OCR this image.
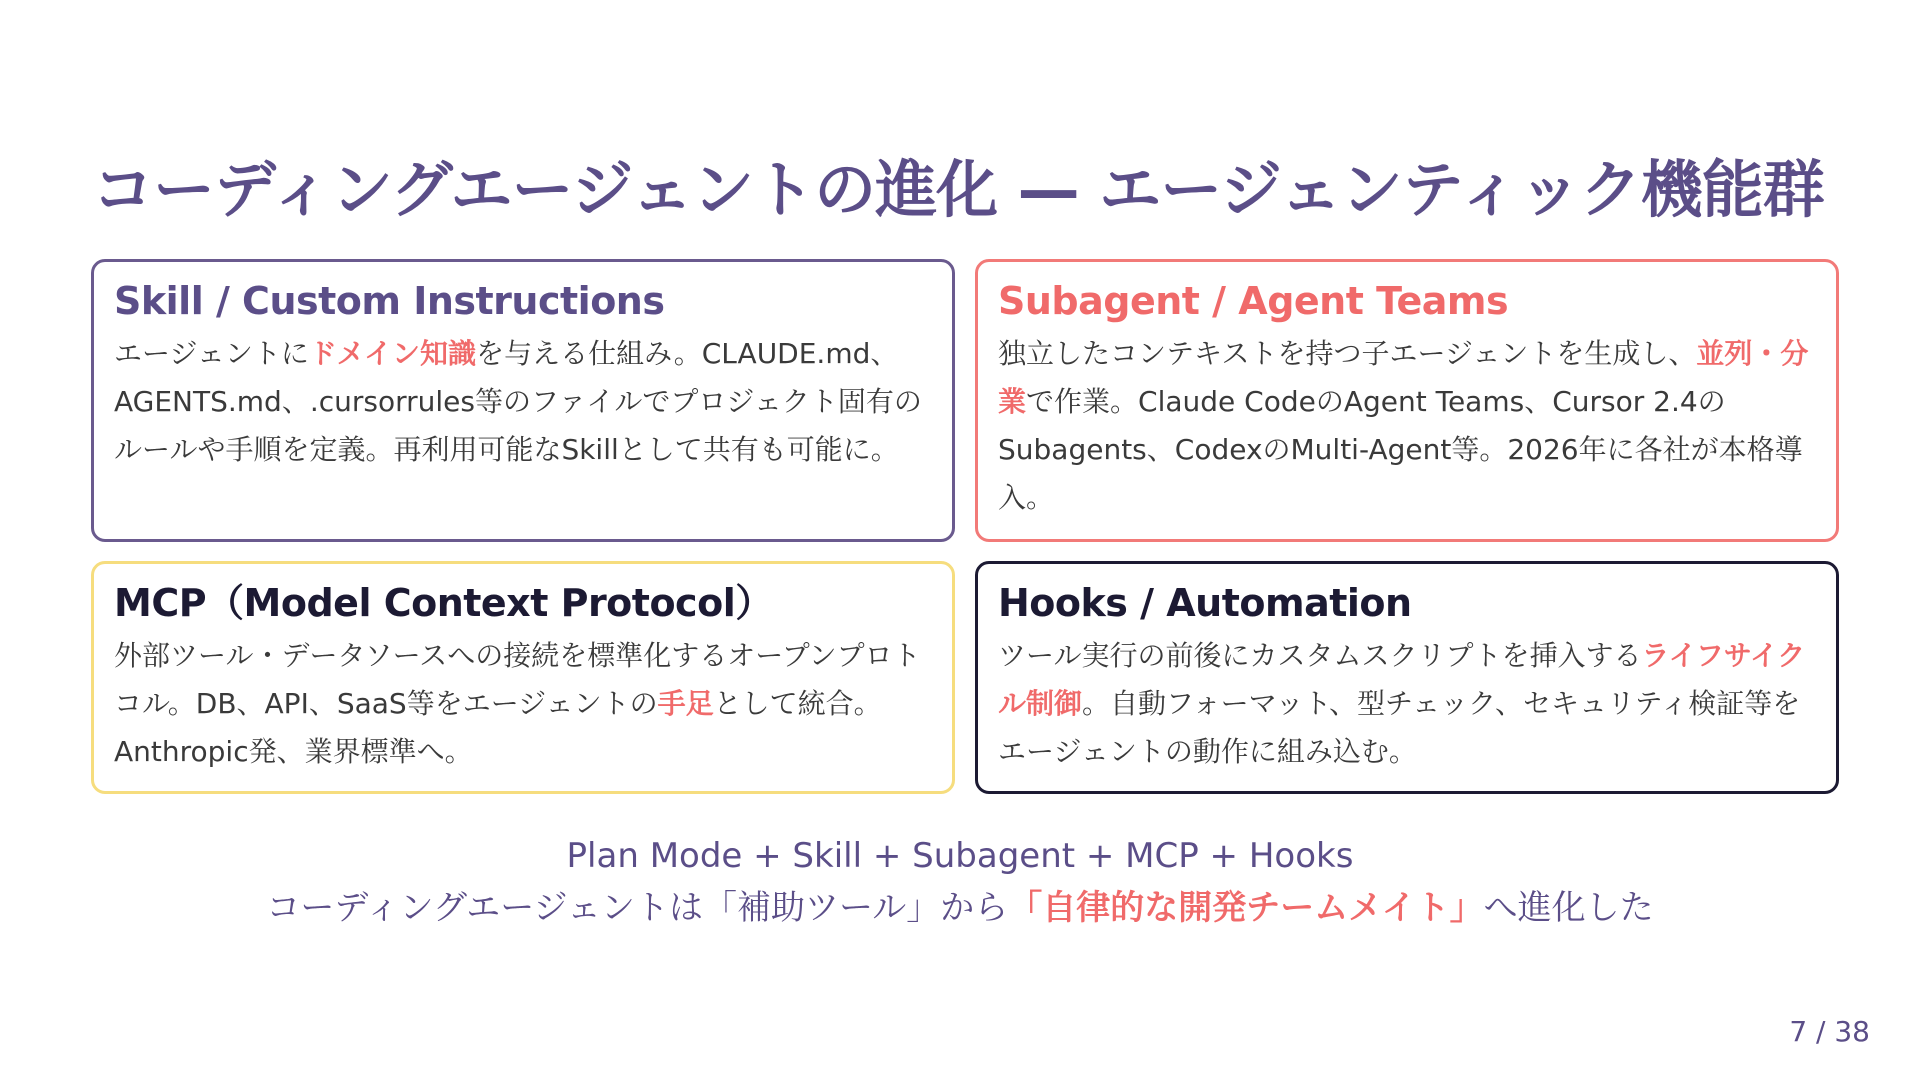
コーディングエージェントの進化 — エージェンティック機能群
Skill / Custom Instructions
エージェントにドメイン知識を与える仕組み。CLAUDE.md、AGENTS.md、.cursorrules等のファイルでプロジェクト固有のルールや手順を定義。再利用可能なSkillとして共有も可能に。
Subagent / Agent Teams
独立したコンテキストを持つ子エージェントを生成し、並列・分業で作業。Claude CodeのAgent Teams、Cursor 2.4のSubagents、CodexのMulti-Agent等。2026年に各社が本格導入。
MCP（Model Context Protocol）
外部ツール・データソースへの接続を標準化するオープンプロトコル。DB、API、SaaS等をエージェントの手足として統合。Anthropic発、業界標準へ。
Hooks / Automation
ツール実行の前後にカスタムスクリプトを挿入するライフサイクル制御。自動フォーマット、型チェック、セキュリティ検証等をエージェントの動作に組み込む。
Plan Mode + Skill + Subagent + MCP + Hooks
コーディングエージェントは「補助ツール」から「自律的な開発チームメイト」へ進化した
7 / 38
